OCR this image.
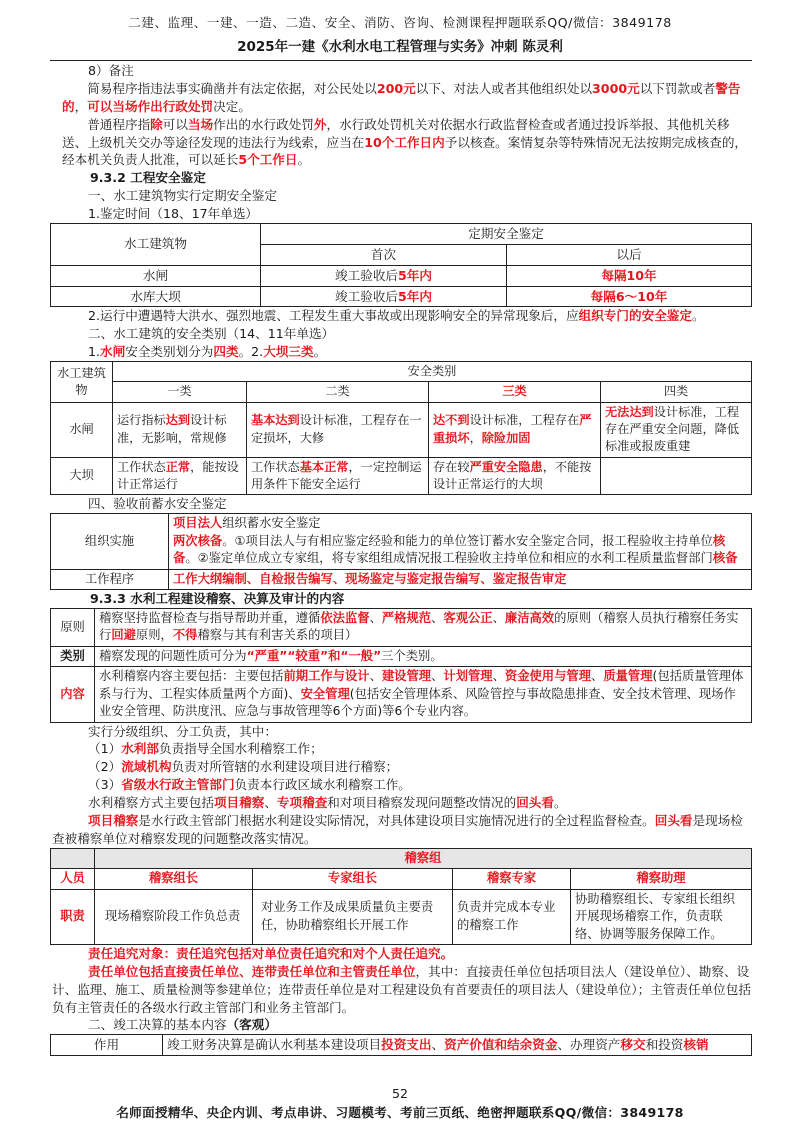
二建、监理、一建、一造、二造、安全、消防、咨询、检测课程押题联系QQ/微信：3849178
2025年一建《水利水电工程管理与实务》冲刺 陈灵利

8）备注

简易程序指违法事实确凿并有法定依据，对公民处以200元以下、对法人或者其他组织处以3000元以下罚款或者警告的，可以当场作出行政处罚决定。

普通程序指除可以当场作出的水行政处罚外，水行政处罚机关对依据水行政监督检查或者通过投诉举报、其他机关移送、上级机关交办等途径发现的违法行为线索，应当在10个工作日内予以核查。案情复杂等特殊情况无法按期完成核查的，经本机关负责人批准，可以延长5个工作日。

9.3.2 工程安全鉴定

一、水工建筑物实行定期安全鉴定

1.鉴定时间（18、17年单选）

水工建筑物	定期安全鉴定	
	首次	以后
水闸	竣工验收后5年内	每隔10年
水库大坝	竣工验收后5年内	每隔6～10年

2.运行中遭遇特大洪水、强烈地震、工程发生重大事故或出现影响安全的异常现象后，应组织专门的安全鉴定。

二、水工建筑的安全类别（14、11年单选）

1.水闸安全类别划分为四类。2.大坝三类。

水工建筑物	安全类别			
	一类	二类	三类	四类
水闸	运行指标达到设计标准，无影响，常规修	基本达到设计标准，工程存在一定损坏，大修	达不到设计标准，工程存在严重损坏，除险加固	无法达到设计标准，工程存在严重安全问题，降低标准或报废重建
大坝	工作状态正常，能按设计正常运行	工作状态基本正常，一定控制运用条件下能安全运行	存在较严重安全隐患，不能按设计正常运行的大坝	

四、验收前蓄水安全鉴定

组织实施	项目法人组织蓄水安全鉴定
两次核备。①项目法人与有相应鉴定经验和能力的单位签订蓄水安全鉴定合同，报工程验收主持单位核备。②鉴定单位成立专家组，将专家组组成情况报工程验收主持单位和相应的水利工程质量监督部门核备

工作程序	工作大纲编制、自检报告编写、现场鉴定与鉴定报告编写、鉴定报告审定

9.3.3 水利工程建设稽察、决算及审计的内容

原则	稽察坚持监督检查与指导帮助并重，遵循依法监督、严格规范、客观公正、廉洁高效的原则（稽察人员执行稽察任务实行回避原则，不得稽察与其有利害关系的项目）
类别	稽察发现的问题性质可分为“严重”“较重”和“一般”三个类别。
内容	水利稽察内容主要包括：主要包括前期工作与设计、建设管理、计划管理、资金使用与管理、质量管理(包括质量管理体系与行为、工程实体质量两个方面)、安全管理(包括安全管理体系、风险管控与事故隐患排查、安全技术管理、现场作业安全管理、防洪度汛、应急与事故管理等6个方面)等6个专业内容。

实行分级组织、分工负责，其中：

（1）水利部负责指导全国水利稽察工作；

（2）流域机构负责对所管辖的水利建设项目进行稽察；

（3）省级水行政主管部门负责本行政区域水利稽察工作。

水利稽察方式主要包括项目稽察、专项稽查和对项目稽察发现问题整改情况的回头看。

项目稽察是水行政主管部门根据水利建设实际情况，对具体建设项目实施情况进行的全过程监督检查。回头看是现场检查被稽察单位对稽察发现的问题整改落实情况。

	稽察组			
人员	稽察组长	专家组长	稽察专家	稽察助理
职责	现场稽察阶段工作负总责	对业务工作及成果质量负主要责任，协助稽察组长开展工作	负责并完成本专业的稽察工作	协助稽察组长、专家组长组织开展现场稽察工作，负责联络、协调等服务保障工作。

责任追究对象：责任追究包括对单位责任追究和对个人责任追究。

责任单位包括直接责任单位、连带责任单位和主管责任单位，其中：直接责任单位包括项目法人（建设单位）、勘察、设计、监理、施工、质量检测等参建单位；连带责任单位是对工程建设负有首要责任的项目法人（建设单位）；主管责任单位包括负有主管责任的各级水行政主管部门和业务主管部门。

二、竣工决算的基本内容（客观）

作用	竣工财务决算是确认水利基本建设项目投资支出、资产价值和结余资金、办理资产移交和投资核销
52
名师面授精华、央企内训、考点串讲、习题模考、考前三页纸、绝密押题联系QQ/微信：3849178
